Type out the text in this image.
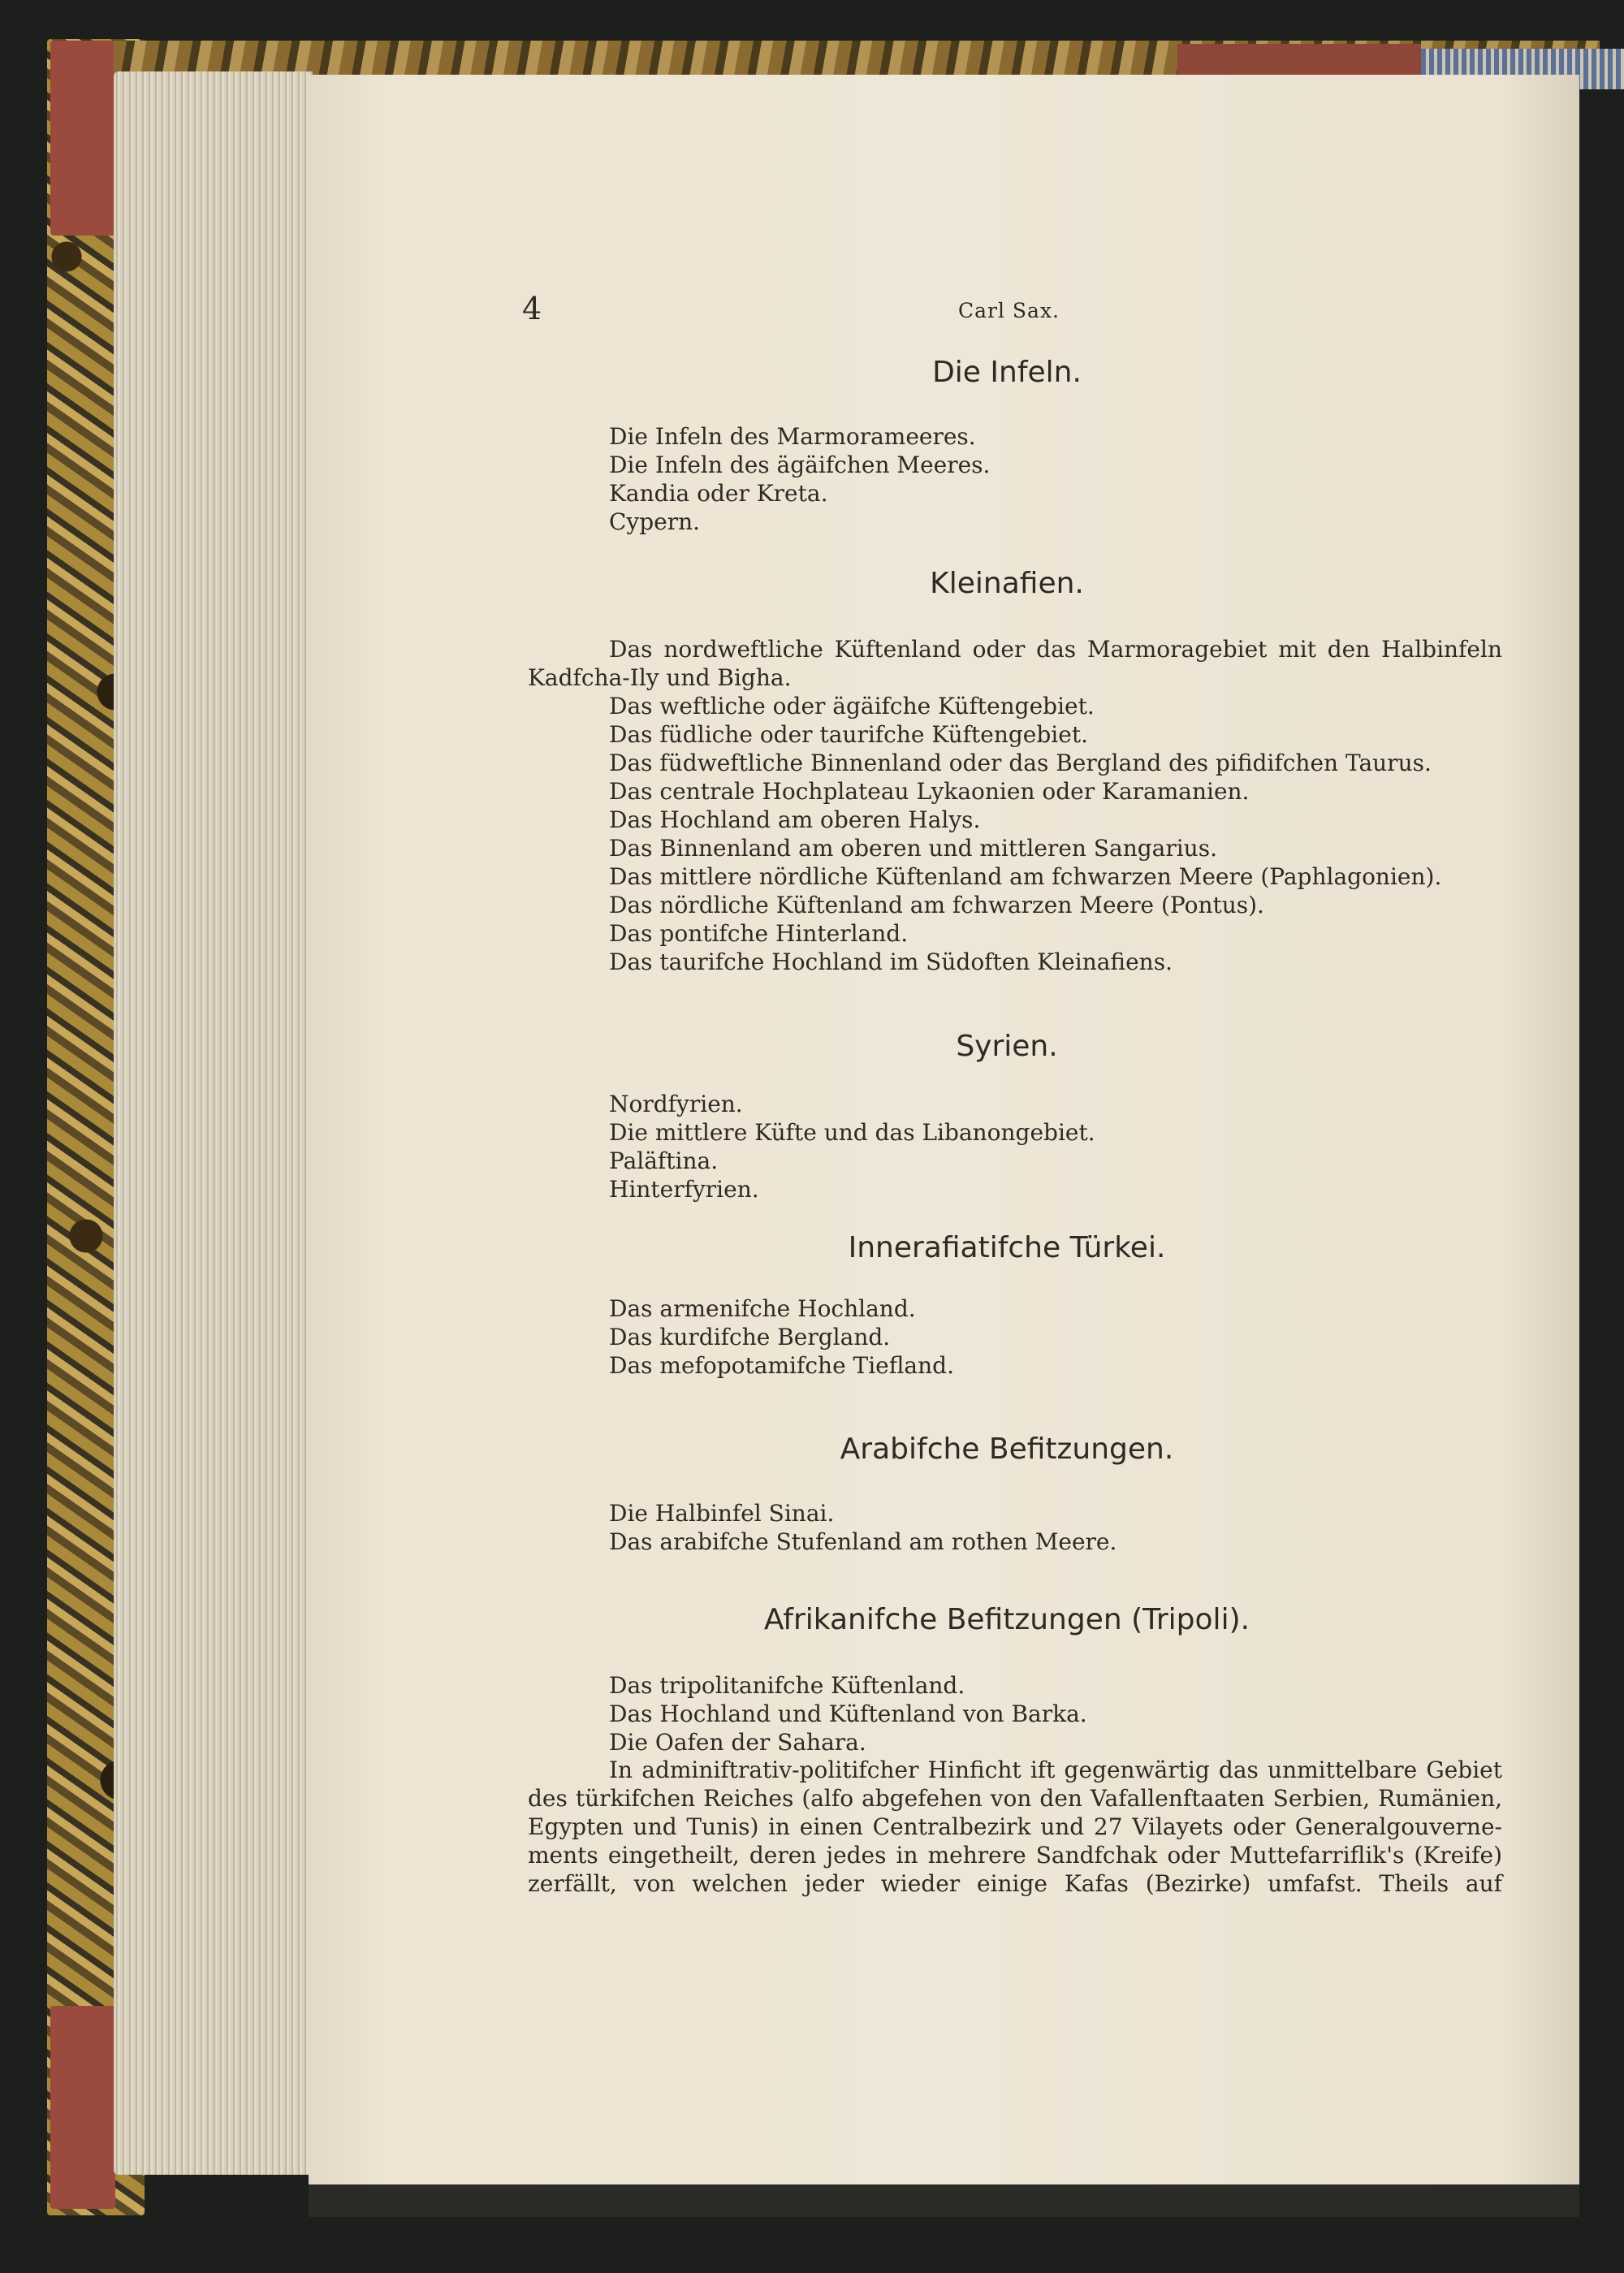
4	Carl Sax.
Die Infeln.
Die Infeln des Marmorameeres.
Die Infeln des ägäifchen Meeres.
Kandia oder Kreta.
Cypern.
Kleinafien.

Das nordweftliche Küftenland oder das Marmoragebiet mit den Halbinfeln Kadfcha-Ily und Bigha.

Das weftliche oder ägäifche Küftengebiet.
Das füdliche oder taurifche Küftengebiet.
Das füdweftliche Binnenland oder das Bergland des pifidifchen Taurus.
Das centrale Hochplateau Lykaonien oder Karamanien.
Das Hochland am oberen Halys.
Das Binnenland am oberen und mittleren Sangarius.
Das mittlere nördliche Küftenland am fchwarzen Meere (Paphlagonien).
Das nördliche Küftenland am fchwarzen Meere (Pontus).
Das pontifche Hinterland.
Das taurifche Hochland im Südoften Kleinafiens.
Syrien.
Nordfyrien.
Die mittlere Küfte und das Libanongebiet.
Paläftina.
Hinterfyrien.
Innerafiatifche Türkei.
Das armenifche Hochland.
Das kurdifche Bergland.
Das mefopotamifche Tiefland.
Arabifche Befitzungen.
Die Halbinfel Sinai.
Das arabifche Stufenland am rothen Meere.
Afrikanifche Befitzungen (Tripoli).
Das tripolitanifche Küftenland.
Das Hochland und Küftenland von Barka.
Die Oafen der Sahara.

In adminiftrativ-politifcher Hinficht ift gegenwärtig das unmittelbare Gebiet
des türkifchen Reiches (alfo abgefehen von den Vafallenftaaten Serbien, Rumänien,
Egypten und Tunis) in einen Centralbezirk und 27 Vilayets oder Generalgouverne-
ments eingetheilt, deren jedes in mehrere Sandfchak oder Muttefarriflik's (Kreife)
zerfällt, von welchen jeder wieder einige Kafas (Bezirke) umfafst. Theils auf
